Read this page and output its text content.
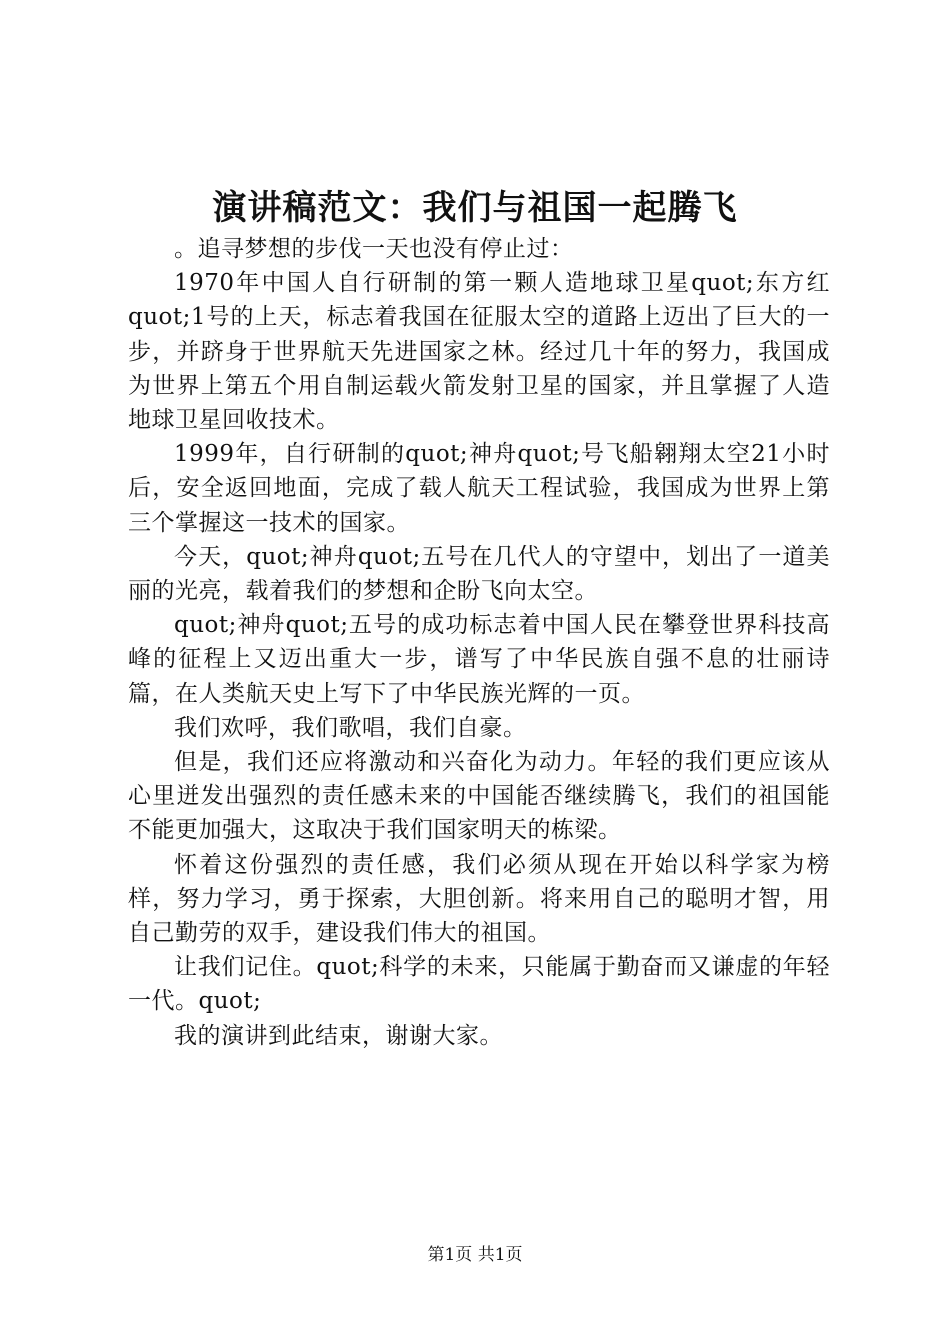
演讲稿范文：我们与祖国一起腾飞

。追寻梦想的步伐一天也没有停止过：

1970年中国人自行研制的第一颗人造地球卫星quot;东方红quot;1号的上天，标志着我国在征服太空的道路上迈出了巨大的一步，并跻身于世界航天先进国家之林。经过几十年的努力，我国成为世界上第五个用自制运载火箭发射卫星的国家，并且掌握了人造地球卫星回收技术。

1999年，自行研制的quot;神舟quot;号飞船翱翔太空21小时后，安全返回地面，完成了载人航天工程试验，我国成为世界上第三个掌握这一技术的国家。

今天，quot;神舟quot;五号在几代人的守望中，划出了一道美丽的光亮，载着我们的梦想和企盼飞向太空。

quot;神舟quot;五号的成功标志着中国人民在攀登世界科技高峰的征程上又迈出重大一步，谱写了中华民族自强不息的壮丽诗篇，在人类航天史上写下了中华民族光辉的一页。

我们欢呼，我们歌唱，我们自豪。

但是，我们还应将激动和兴奋化为动力。年轻的我们更应该从心里迸发出强烈的责任感未来的中国能否继续腾飞，我们的祖国能不能更加强大，这取决于我们国家明天的栋梁。

怀着这份强烈的责任感，我们必须从现在开始以科学家为榜样，努力学习，勇于探索，大胆创新。将来用自己的聪明才智，用自己勤劳的双手，建设我们伟大的祖国。

让我们记住。quot;科学的未来，只能属于勤奋而又谦虚的年轻一代。quot;

我的演讲到此结束，谢谢大家。

第1页 共1页
